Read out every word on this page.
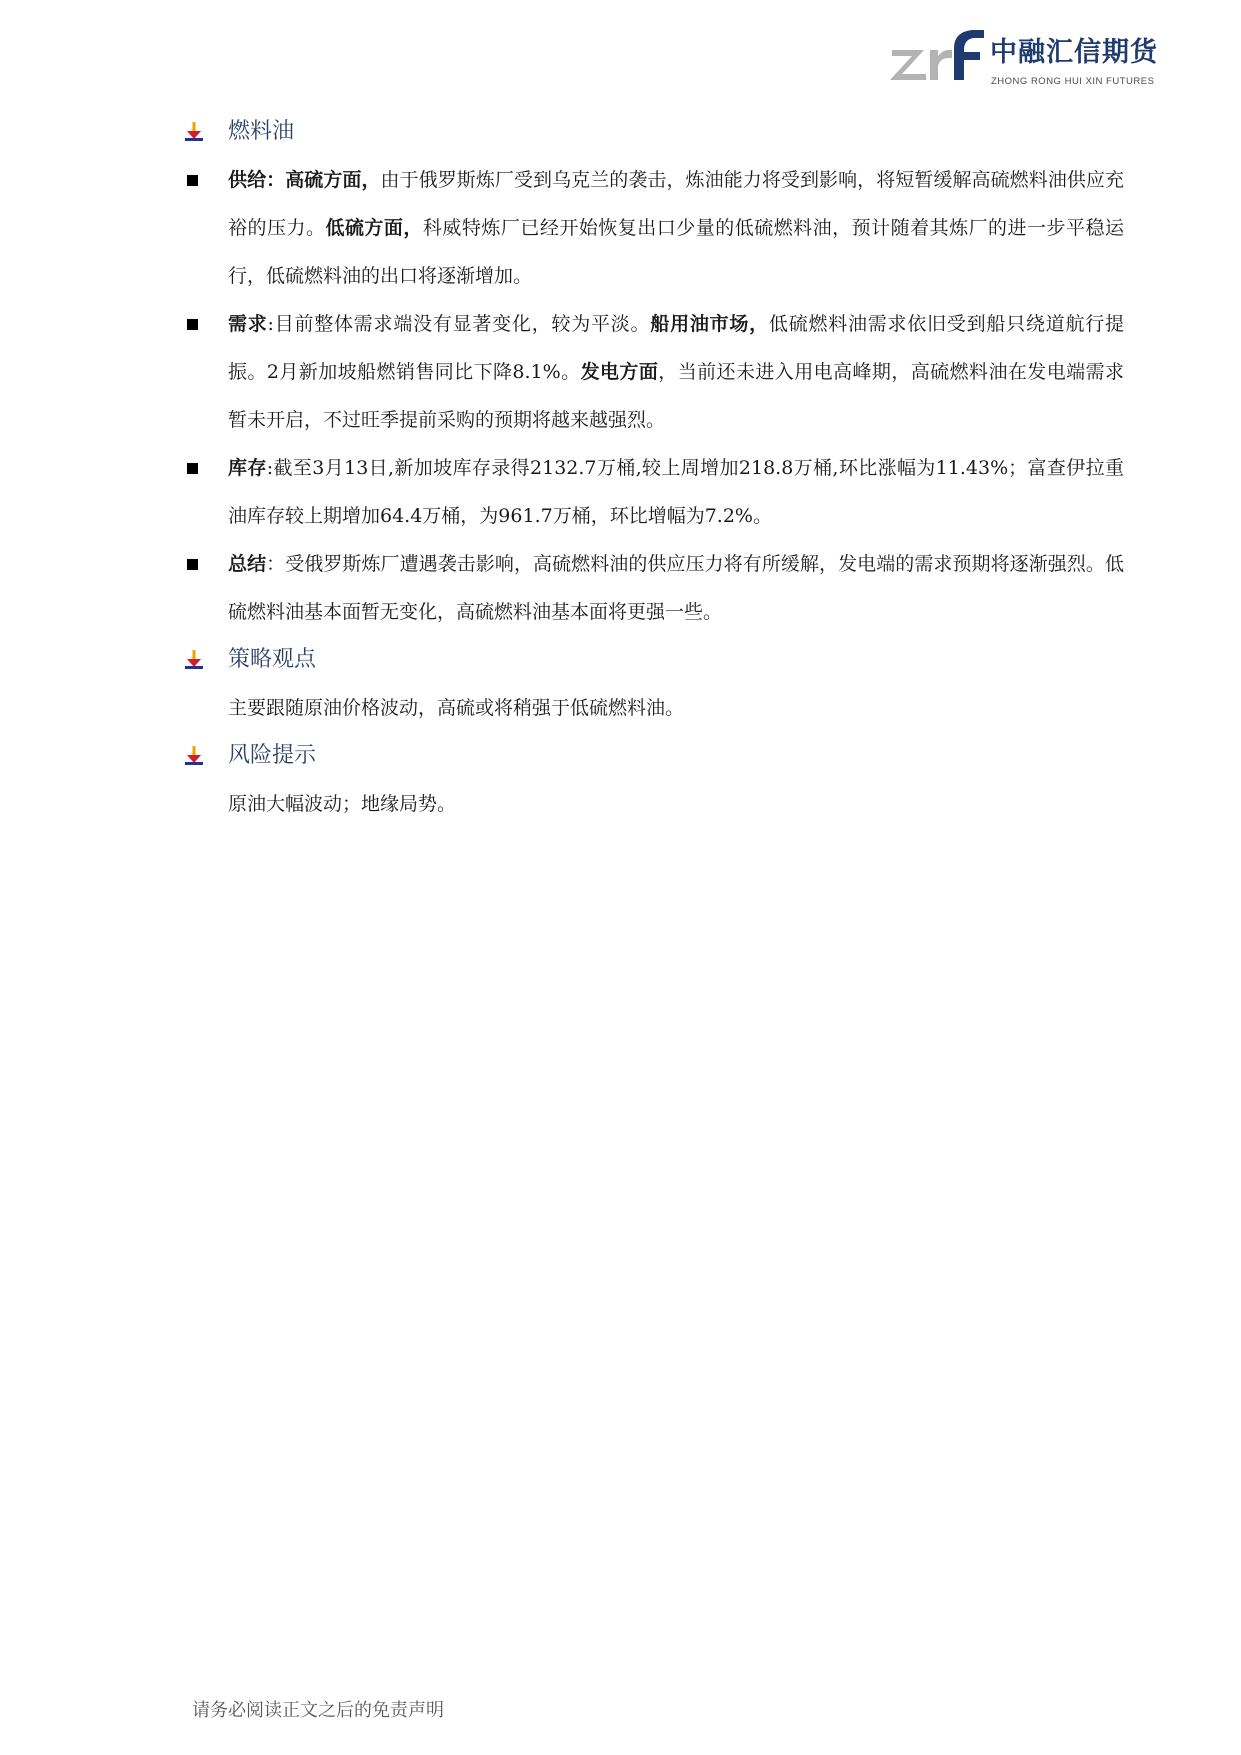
中融汇信期货
ZHONG RONG HUI XIN FUTURES
燃料油
供给：高硫方面，由于俄罗斯炼厂受到乌克兰的袭击，炼油能力将受到影响，将短暂缓解高硫燃料油供应充裕的压力。低硫方面，科威特炼厂已经开始恢复出口少量的低硫燃料油，预计随着其炼厂的进一步平稳运行，低硫燃料油的出口将逐渐增加。
需求:目前整体需求端没有显著变化，较为平淡。船用油市场，低硫燃料油需求依旧受到船只绕道航行提振。2月新加坡船燃销售同比下降8.1%。发电方面，当前还未进入用电高峰期，高硫燃料油在发电端需求暂未开启，不过旺季提前采购的预期将越来越强烈。
库存:截至3月13日,新加坡库存录得2132.7万桶,较上周增加218.8万桶,环比涨幅为11.43%；富查伊拉重油库存较上期增加64.4万桶，为961.7万桶，环比增幅为7.2%。
总结：受俄罗斯炼厂遭遇袭击影响，高硫燃料油的供应压力将有所缓解，发电端的需求预期将逐渐强烈。低硫燃料油基本面暂无变化，高硫燃料油基本面将更强一些。
策略观点
主要跟随原油价格波动，高硫或将稍强于低硫燃料油。
风险提示
原油大幅波动；地缘局势。
请务必阅读正文之后的免责声明
